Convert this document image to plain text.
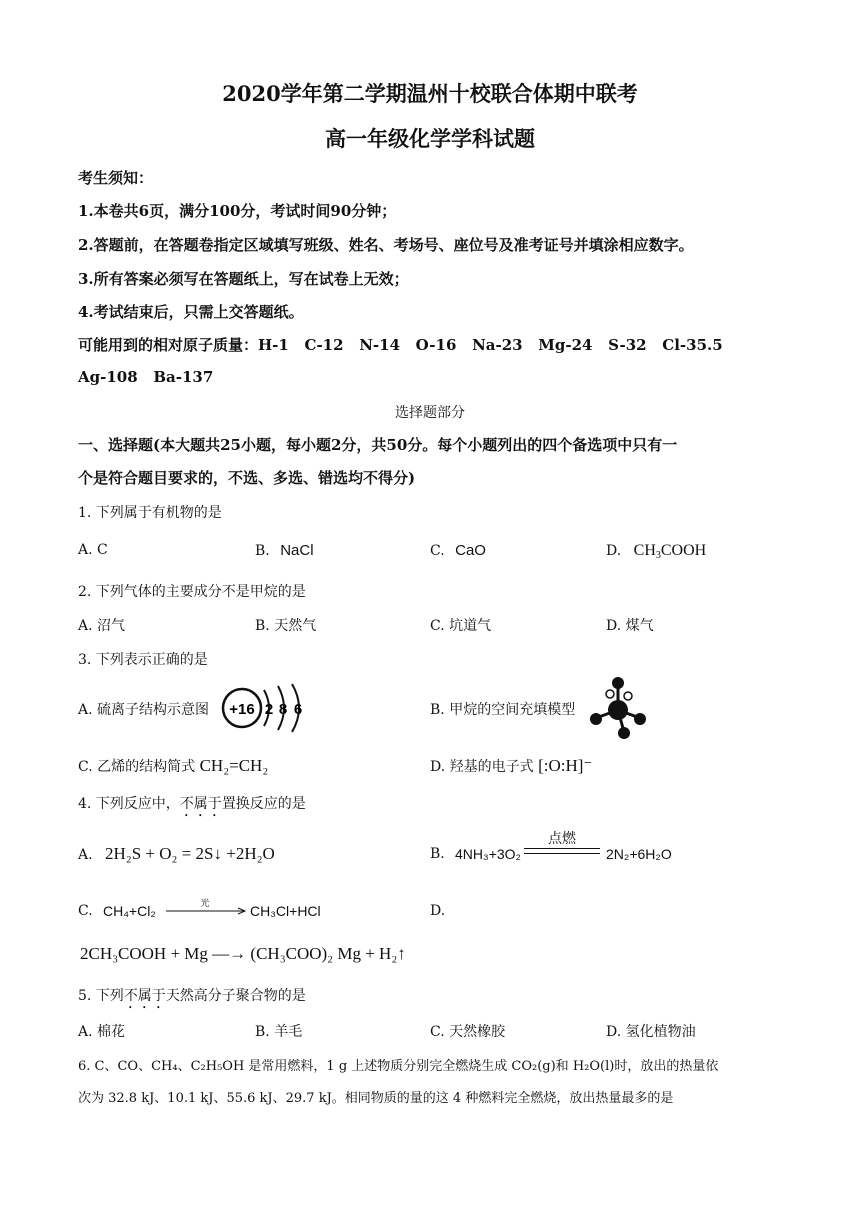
2020学年第二学期温州十校联合体期中联考
高一年级化学学科试题
考生须知：
1.本卷共6页，满分100分，考试时间90分钟；
2.答题前，在答题卷指定区域填写班级、姓名、考场号、座位号及准考证号并填涂相应数字。
3.所有答案必须写在答题纸上，写在试卷上无效；
4.考试结束后，只需上交答题纸。
可能用到的相对原子质量：H-1   C-12   N-14   O-16   Na-23   Mg-24   S-32   Cl-35.5
Ag-108   Ba-137
选择题部分
一、选择题(本大题共25小题，每小题2分，共50分。每个小题列出的四个备选项中只有一
个是符合题目要求的，不选、多选、错选均不得分)
1. 下列属于有机物的是
A. C	B. NaCl	C. CaO	D. $CH_3COOH$
2. 下列气体的主要成分不是甲烷的是
A. 沼气	B. 天然气	C. 坑道气	D. 煤气
3. 下列表示正确的是
A. 硫离子结构示意图 +16 2 8 6	B. 甲烷的空间充填模型
C. 乙烯的结构简式 CH₂=CH₂	D. 羟基的电子式 [:O:H]⁻
4. 下列反应中，不属于置换反应的是
A. 2H₂S + O₂ = 2S↓ +2H₂O	B. 4NH₃+3O₂
点燃
2N₂+6H₂O
C. CH₄+Cl₂	光	CH₃Cl+HCl	D.
2CH₃COOH + Mg —→ (CH₃COO)₂ Mg + H₂↑
5. 下列不属于天然高分子聚合物的是
A. 棉花	B. 羊毛	C. 天然橡胶	D. 氢化植物油
6. C、CO、CH₄、C₂H₅OH 是常用燃料，1 g 上述物质分别完全燃烧生成 CO₂(g)和 H₂O(l)时，放出的热量依
次为 32.8 kJ、10.1 kJ、55.6 kJ、29.7 kJ。相同物质的量的这 4 种燃料完全燃烧，放出热量最多的是
